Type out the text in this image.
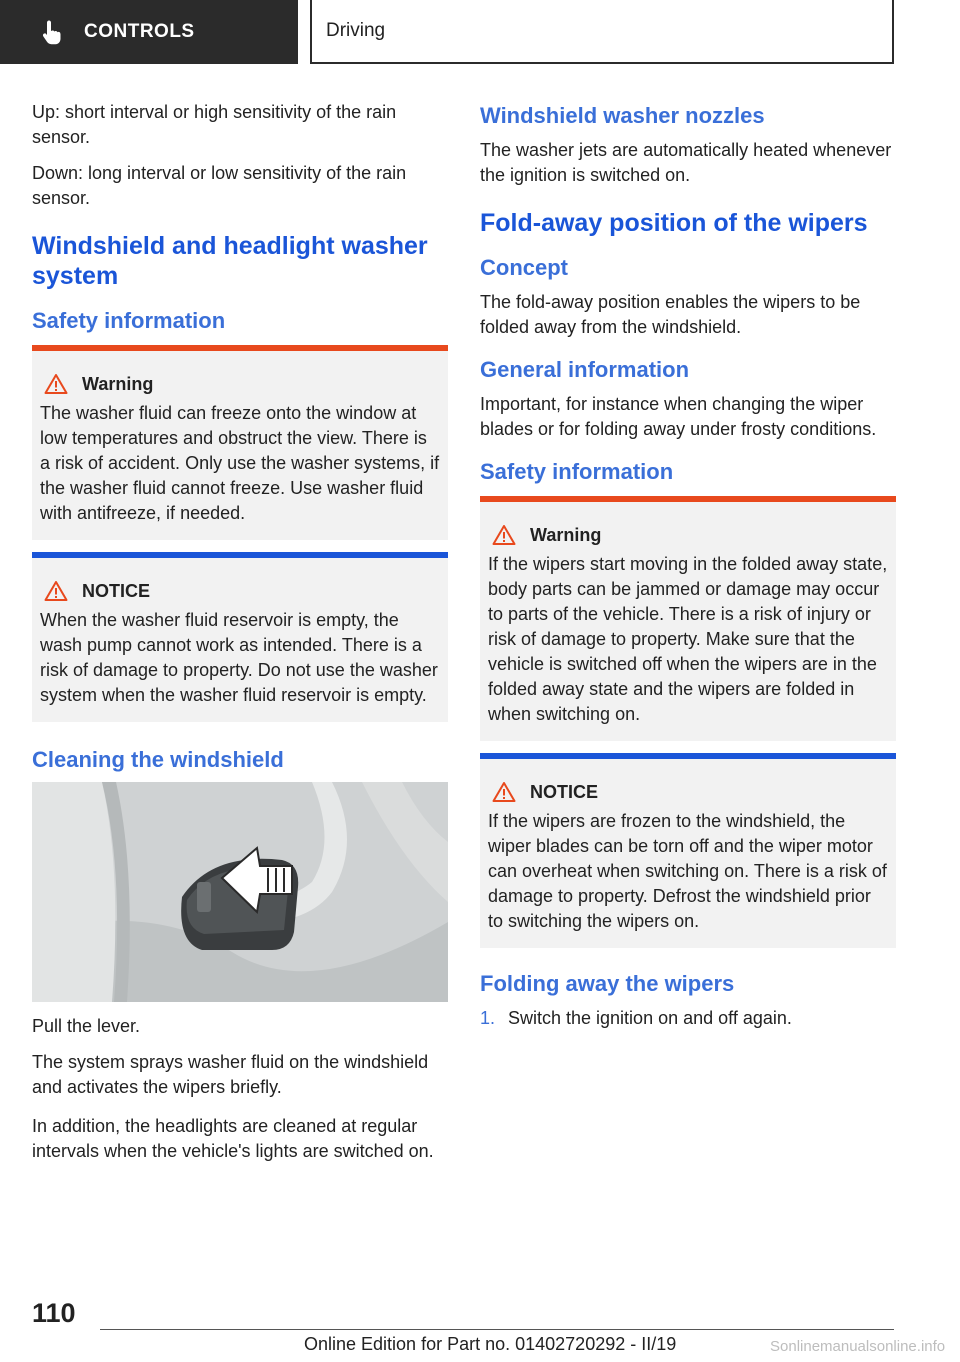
CONTROLS	Driving

Up: short interval or high sensitivity of the rain sensor.

Down: long interval or low sensitivity of the rain sensor.

Windshield and headlight washer system
Safety information
Warning

The washer fluid can freeze onto the window at low temperatures and obstruct the view. There is a risk of accident. Only use the washer systems, if the washer fluid cannot freeze. Use washer fluid with antifreeze, if needed.

NOTICE

When the washer fluid reservoir is empty, the wash pump cannot work as intended. There is a risk of damage to property. Do not use the washer system when the washer fluid reservoir is empty.

Cleaning the windshield

Pull the lever.

The system sprays washer fluid on the windshield and activates the wipers briefly.

In addition, the headlights are cleaned at regular intervals when the vehicle's lights are switched on.

Windshield washer nozzles

The washer jets are automatically heated whenever the ignition is switched on.

Fold-away position of the wipers
Concept

The fold-away position enables the wipers to be folded away from the windshield.

General information

Important, for instance when changing the wiper blades or for folding away under frosty conditions.

Safety information
Warning

If the wipers start moving in the folded away state, body parts can be jammed or damage may occur to parts of the vehicle. There is a risk of injury or risk of damage to property. Make sure that the vehicle is switched off when the wipers are in the folded away state and the wipers are folded in when switching on.

NOTICE

If the wipers are frozen to the windshield, the wiper blades can be torn off and the wiper motor can overheat when switching on. There is a risk of damage to property. Defrost the windshield prior to switching the wipers on.

Folding away the wipers
1. Switch the ignition on and off again.
110
Online Edition for Part no. 01402720292 - II/19	Sonlinemanualsonline.info
